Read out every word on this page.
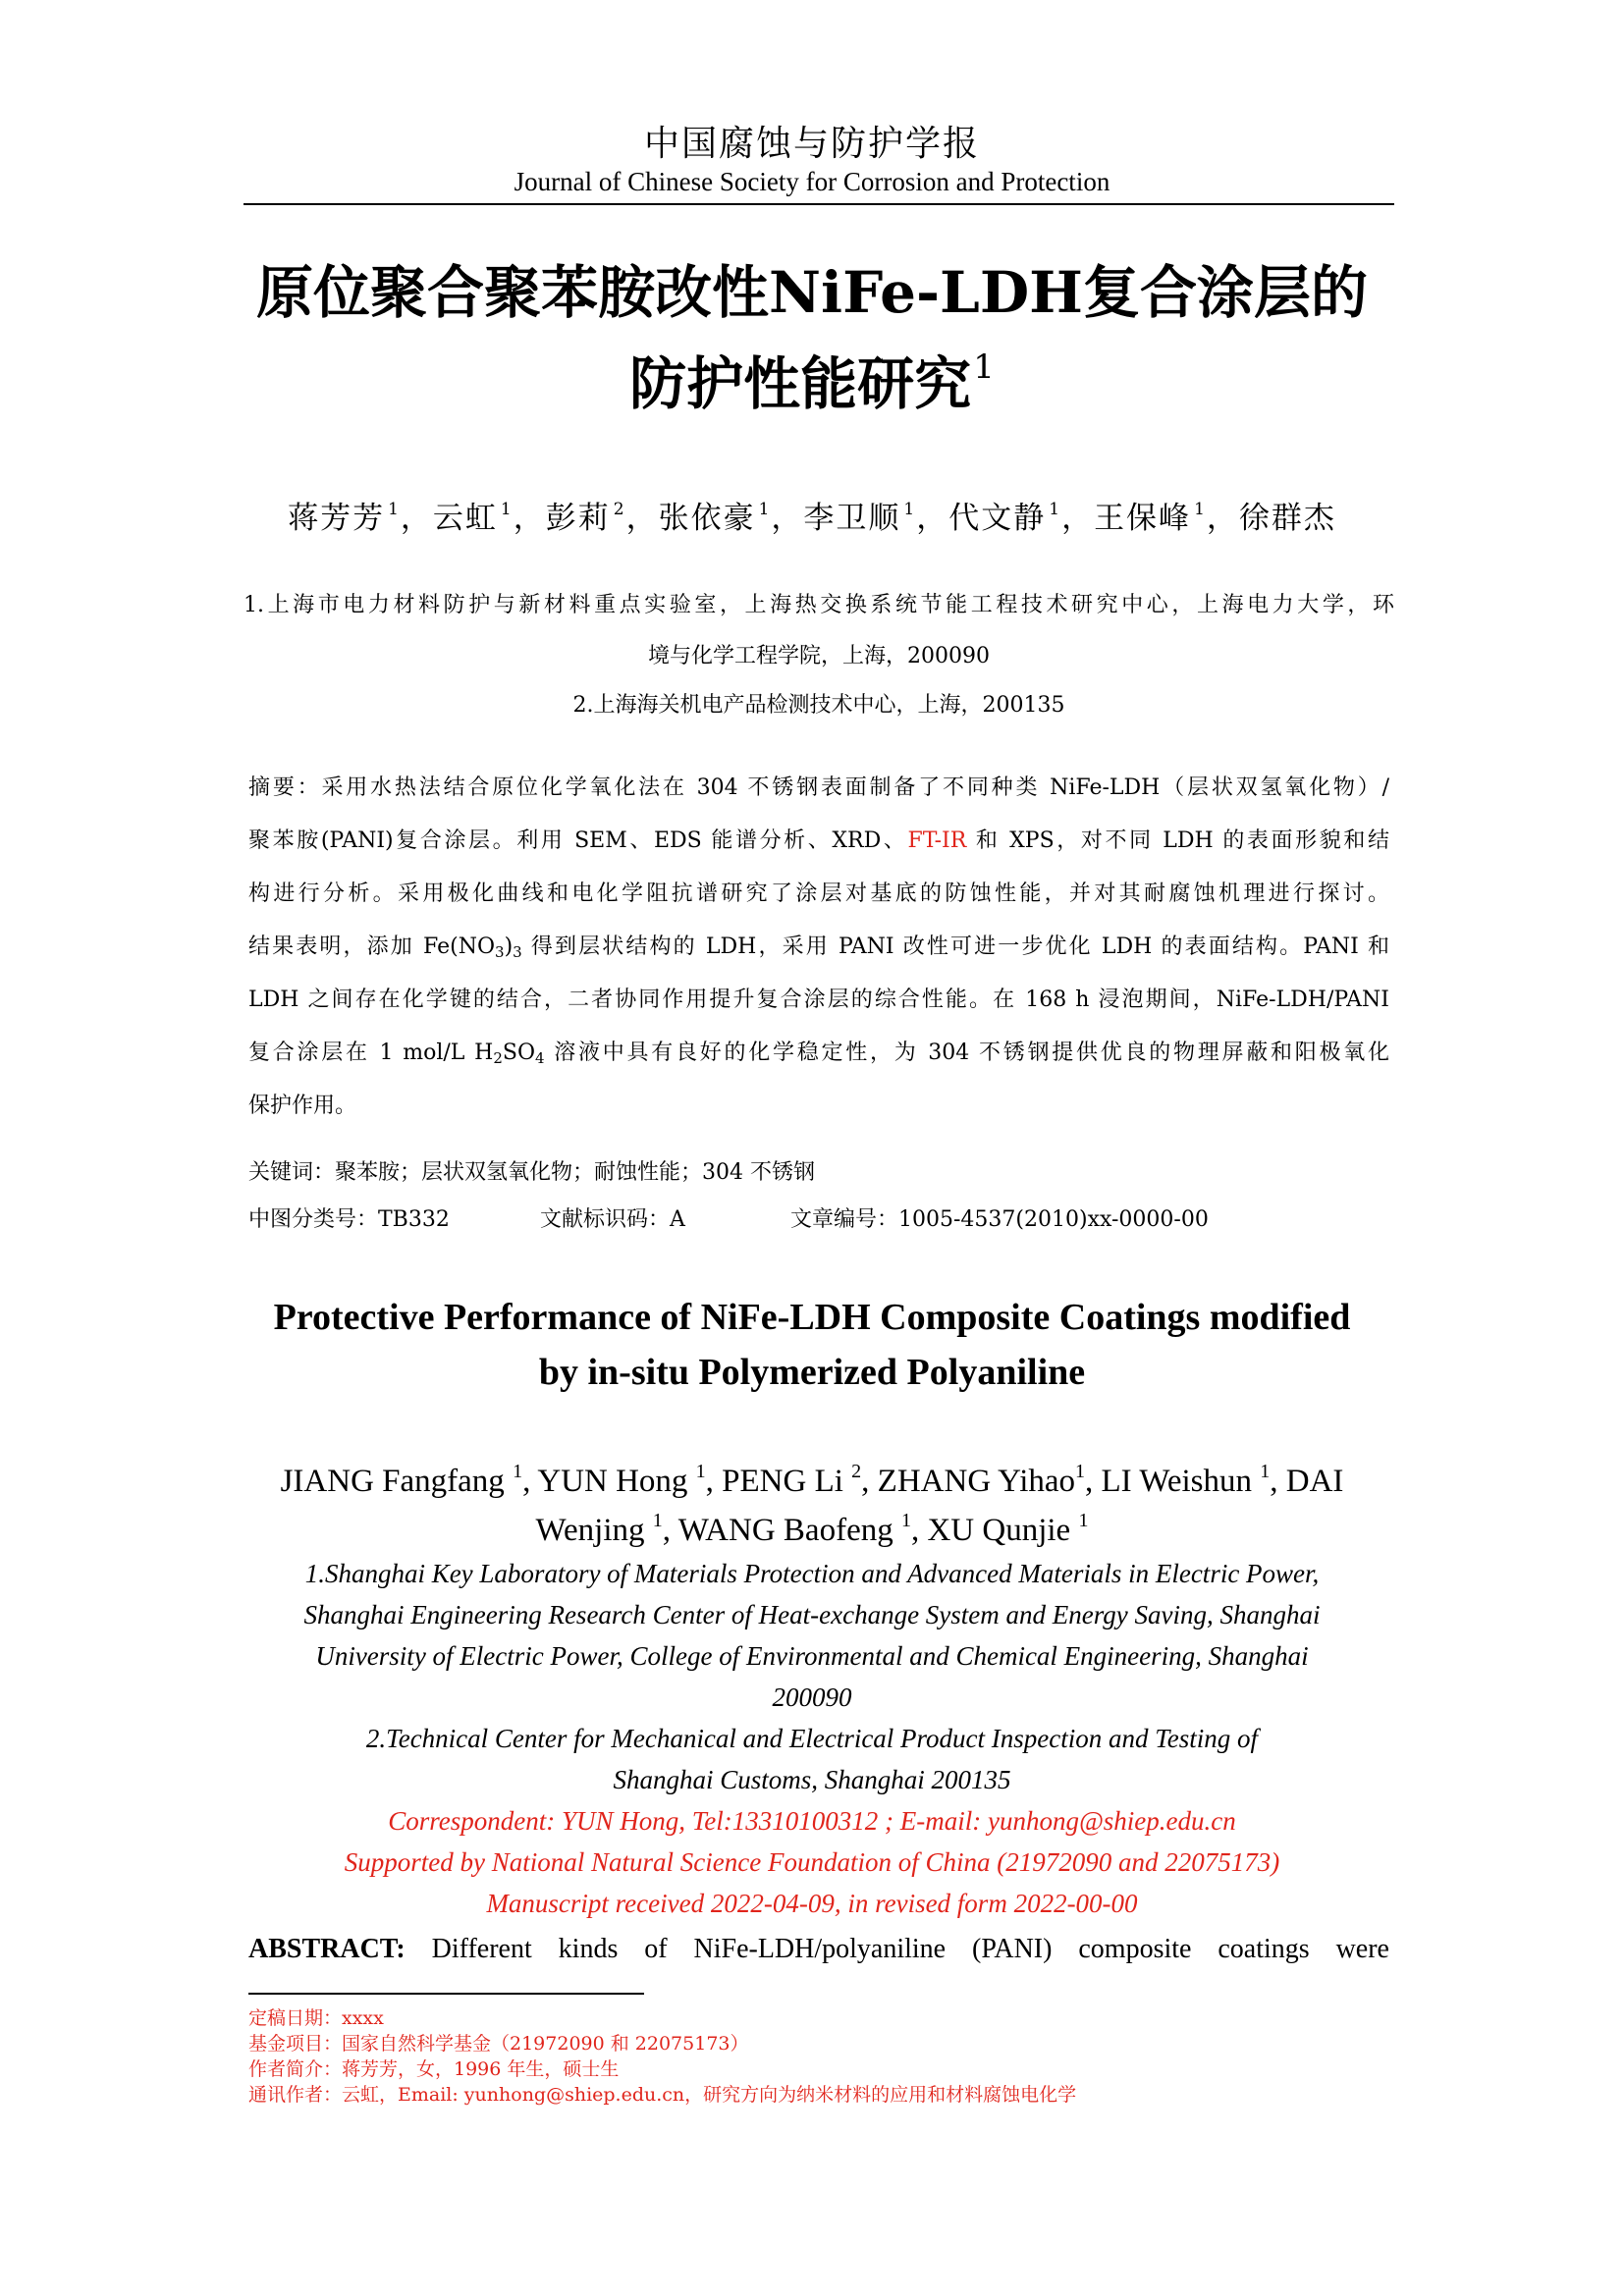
中国腐蚀与防护学报
Journal of Chinese Society for Corrosion and Protection
原位聚合聚苯胺改性NiFe-LDH复合涂层的
防护性能研究$^1$
蒋芳芳 $^1$，云虹 $^1$，彭莉 $^2$，张依豪 $^1$，李卫顺 $^1$，代文静 $^1$，王保峰 $^1$，徐群杰
1.上海市电力材料防护与新材料重点实验室，上海热交换系统节能工程技术研究中心，上海电力大学，环
境与化学工程学院，上海，200090
2.上海海关机电产品检测技术中心，上海，200135
摘要：采用水热法结合原位化学氧化法在 304 不锈钢表面制备了不同种类 NiFe-LDH（层状双氢氧化物）/
聚苯胺(PANI)复合涂层。利用 SEM、EDS 能谱分析、XRD、FT-IR 和 XPS，对不同 LDH 的表面形貌和结
构进行分析。采用极化曲线和电化学阻抗谱研究了涂层对基底的防蚀性能，并对其耐腐蚀机理进行探讨。
结果表明，添加 Fe(NO3)3 得到层状结构的 LDH，采用 PANI 改性可进一步优化 LDH 的表面结构。PANI 和
LDH 之间存在化学键的结合，二者协同作用提升复合涂层的综合性能。在 168 h 浸泡期间，NiFe-LDH/PANI
复合涂层在 1 mol/L H2SO4 溶液中具有良好的化学稳定性，为 304 不锈钢提供优良的物理屏蔽和阳极氧化
保护作用。
关键词：聚苯胺；层状双氢氧化物；耐蚀性能；304 不锈钢
中图分类号：TB332	文献标识码：A	文章编号：1005-4537(2010)xx-0000-00
Protective Performance of NiFe-LDH Composite Coatings modified
by in-situ Polymerized Polyaniline
JIANG Fangfang $^1$, YUN Hong $^1$, PENG Li $^2$, ZHANG Yihao$^1$, LI Weishun $^1$, DAI
Wenjing $^1$, WANG Baofeng $^1$, XU Qunjie $^1$
1.Shanghai Key Laboratory of Materials Protection and Advanced Materials in Electric Power,
Shanghai Engineering Research Center of Heat-exchange System and Energy Saving, Shanghai
University of Electric Power, College of Environmental and Chemical Engineering, Shanghai
200090
2.Technical Center for Mechanical and Electrical Product Inspection and Testing of
Shanghai Customs, Shanghai 200135
Correspondent: YUN Hong, Tel:13310100312 ; E-mail: yunhong@shiep.edu.cn
Supported by National Natural Science Foundation of China (21972090 and 22075173)
Manuscript received 2022-04-09, in revised form 2022-00-00
ABSTRACT: Different kinds of NiFe-LDH/polyaniline (PANI) composite coatings were
定稿日期：xxxx
基金项目：国家自然科学基金（21972090 和 22075173）
作者简介：蒋芳芳，女，1996 年生，硕士生
通讯作者：云虹，Email: yunhong@shiep.edu.cn，研究方向为纳米材料的应用和材料腐蚀电化学
